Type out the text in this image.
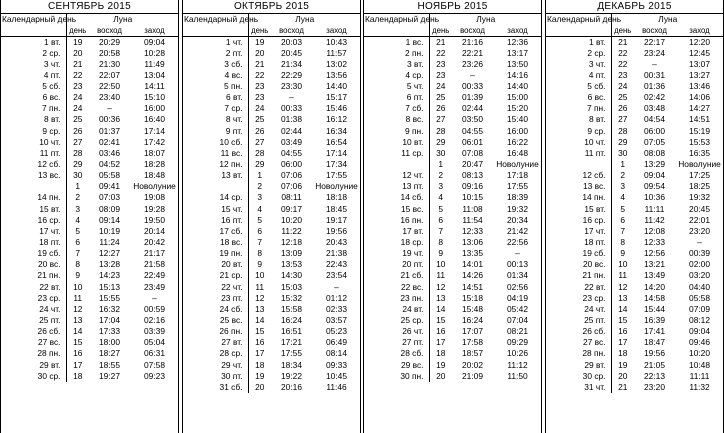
СЕНТЯБРЬ 2015			
Календарный день	Луна		
	день	восход	заход
1 вт.	19	20:29	09:04
2 ср.	20	20:58	10:28
3 чт.	21	21:30	11:49
4 пт.	22	22:07	13:04
5 сб.	23	22:50	14:11
6 вс.	24	23:40	15:10
7 пн.	24	–	16:00
8 вт.	25	00:36	16:40
9 ср.	26	01:37	17:14
10 чт.	27	02:41	17:42
11 пт.	28	03:46	18:07
12 сб.	29	04:52	18:28
13 вс.	30	05:58	18:48
	1	09:41	Новолуние
14 пн.	2	07:03	19:08
15 вт.	3	08:09	19:28
16 ср.	4	09:14	19:50
17 чт.	5	10:19	20:14
18 пт.	6	11:24	20:42
19 сб.	7	12:27	21:17
20 вс.	8	13:28	21:58
21 пн.	9	14:23	22:49
22 вт.	10	15:13	23:49
23 ср.	11	15:55	–
24 чт.	12	16:32	00:59
25 пт.	13	17:04	02:16
26 сб.	14	17:33	03:39
27 вс.	15	18:00	05:04
28 пн.	16	18:27	06:31
29 вт.	17	18:55	07:58
30 ср.	18	19:27	09:23
ОКТЯБРЬ 2015			
Календарный день	Луна		
	день	восход	заход
1 чт.	19	20:03	10:43
2 пт.	20	20:45	11:57
3 сб.	21	21:34	13:02
4 вс.	22	22:29	13:56
5 пн.	23	23:30	14:40
6 вт.	23	–	15:17
7 ср.	24	00:33	15:46
8 чт.	25	01:38	16:12
9 пт.	26	02:44	16:34
10 сб.	27	03:49	16:54
11 вс.	28	04:55	17:14
12 пн.	29	06:00	17:34
13 вт.	1	07:06	17:55
	2	07:06	Новолуние
14 ср.	3	08:11	18:18
15 чт.	4	09:17	18:45
16 пт.	5	10:20	19:17
17 сб.	6	11:22	19:56
18 вс.	7	12:18	20:43
19 пн.	8	13:09	21:38
20 вт.	9	13:53	22:43
21 ср.	10	14:30	23:54
22 чт.	11	15:03	–
23 пт.	12	15:32	01:12
24 сб.	13	15:58	02:33
25 вс.	14	16:24	03:57
26 пн.	15	16:51	05:23
27 вт.	16	17:21	06:49
28 ср.	17	17:55	08:14
29 чт.	18	18:34	09:33
30 пт.	19	19:22	10:45
31 сб.	20	20:16	11:46
НОЯБРЬ 2015			
Календарный день	Луна		
	день	восход	заход
1 вс.	21	21:16	12:36
2 пн.	22	22:21	13:17
3 вт.	23	23:26	13:50
4 ср.	23	–	14:16
5 чт.	24	00:33	14:40
6 пт.	25	01:39	15:00
7 сб.	26	02:44	15:20
8 вс.	27	03:50	15:40
9 пн.	28	04:55	16:00
10 вт.	29	06:01	16:22
11 ср.	30	07:08	16:48
	1	20:47	Новолуние
12 чт.	2	08:13	17:18
13 пт.	3	09:16	17:55
14 сб.	4	10:15	18:39
15 вс.	5	11:08	19:32
16 пн.	6	11:54	20:34
17 вт.	7	12:33	21:42
18 ср.	8	13:06	22:56
19 чт.	9	13:35	–
20 пт.	10	14:01	00:13
21 сб.	11	14:26	01:34
22 вс.	12	14:51	02:56
23 пн.	13	15:18	04:19
24 вт.	14	15:48	05:42
25 ср.	15	16:24	07:04
26 чт.	16	17:07	08:21
27 пт.	17	17:58	09:29
28 сб.	18	18:57	10:26
29 вс.	19	20:02	11:12
30 пн.	20	21:09	11:50
ДЕКАБРЬ 2015			
Календарный день	Луна		
	день	восход	заход
1 вт.	21	22:17	12:20
2 ср.	22	23:24	12:45
3 чт.	22	–	13:07
4 пт.	23	00:31	13:27
5 сб.	24	01:36	13:46
6 вс.	25	02:42	14:06
7 пн.	26	03:48	14:27
8 вт.	27	04:54	14:51
9 ср.	28	06:00	15:19
10 чт.	29	07:05	15:53
11 пт.	30	08:08	16:35
	1	13:29	Новолуние
12 сб.	2	09:04	17:25
13 вс.	3	09:54	18:25
14 пн.	4	10:36	19:32
15 вт.	5	11:11	20:45
16 ср.	6	11:42	22:01
17 чт.	7	12:08	23:20
18 пт.	8	12:33	–
19 сб.	9	12:56	00:39
20 вс.	10	13:21	02:00
21 пн.	11	13:49	03:20
22 вт.	12	14:20	04:40
23 ср.	13	14:58	05:58
24 чт.	14	15:44	07:09
25 пт.	15	16:39	08:12
26 сб.	16	17:41	09:04
27 вс.	17	18:47	09:46
28 пн.	18	19:56	10:20
29 вт.	19	21:05	10:48
30 ср.	20	22:13	11:11
31 чт.	21	23:20	11:32
